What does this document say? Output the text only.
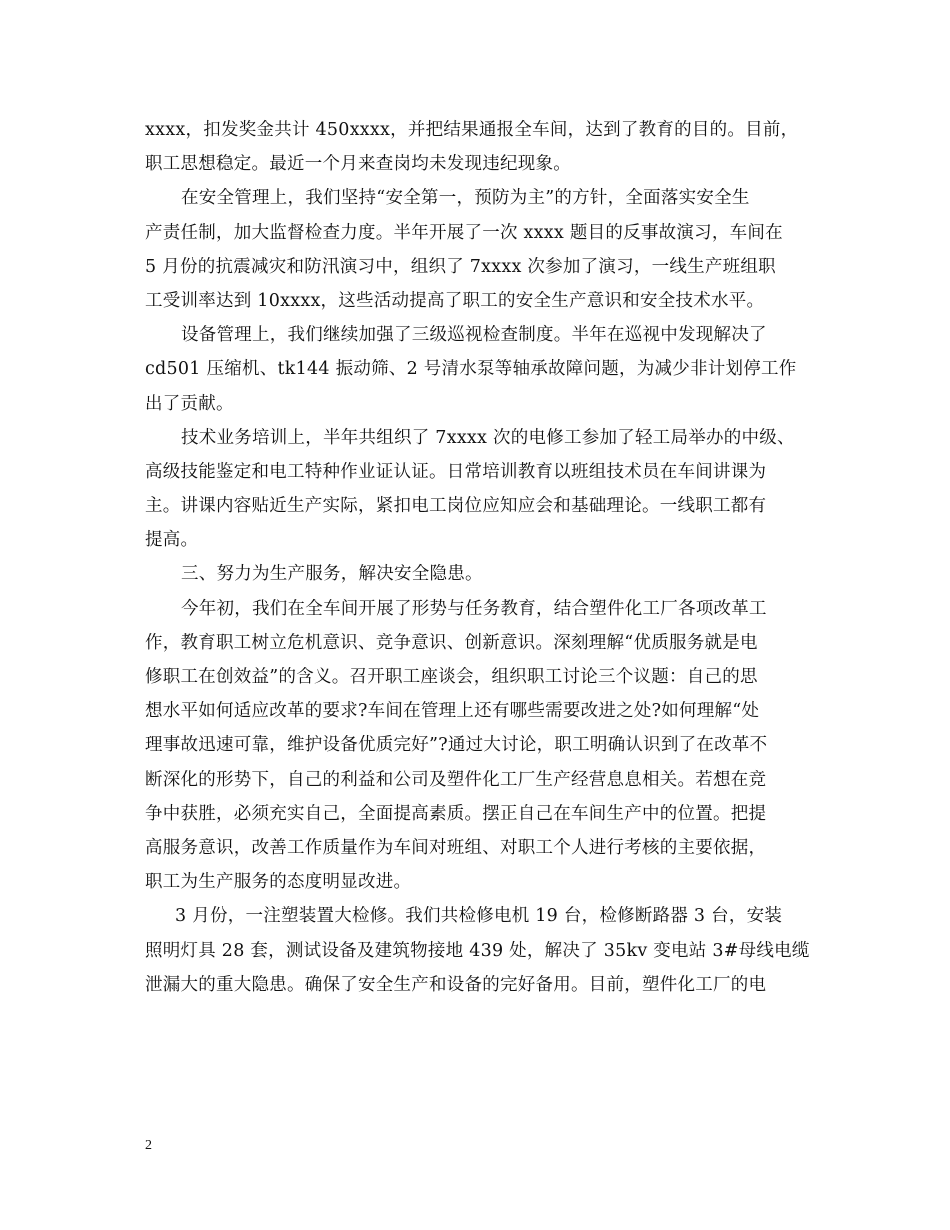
xxxx，扣发奖金共计 450xxxx，并把结果通报全车间，达到了教育的目的。目前，
职工思想稳定。最近一个月来查岗均未发现违纪现象。
在安全管理上，我们坚持“安全第一，预防为主”的方针，全面落实安全生
产责任制，加大监督检查力度。半年开展了一次 xxxx 题目的反事故演习，车间在
5 月份的抗震减灾和防汛演习中，组织了 7xxxx 次参加了演习，一线生产班组职
工受训率达到 10xxxx，这些活动提高了职工的安全生产意识和安全技术水平。
设备管理上，我们继续加强了三级巡视检查制度。半年在巡视中发现解决了
cd501 压缩机、tk144 振动筛、2 号清水泵等轴承故障问题，为减少非计划停工作
出了贡献。
技术业务培训上，半年共组织了 7xxxx 次的电修工参加了轻工局举办的中级、
高级技能鉴定和电工特种作业证认证。日常培训教育以班组技术员在车间讲课为
主。讲课内容贴近生产实际，紧扣电工岗位应知应会和基础理论。一线职工都有
提高。
三、努力为生产服务，解决安全隐患。
今年初，我们在全车间开展了形势与任务教育，结合塑件化工厂各项改革工
作，教育职工树立危机意识、竞争意识、创新意识。深刻理解“优质服务就是电
修职工在创效益”的含义。召开职工座谈会，组织职工讨论三个议题：自己的思
想水平如何适应改革的要求?车间在管理上还有哪些需要改进之处?如何理解“处
理事故迅速可靠，维护设备优质完好”?通过大讨论，职工明确认识到了在改革不
断深化的形势下，自己的利益和公司及塑件化工厂生产经营息息相关。若想在竞
争中获胜，必须充实自己，全面提高素质。摆正自己在车间生产中的位置。把提
高服务意识，改善工作质量作为车间对班组、对职工个人进行考核的主要依据，
职工为生产服务的态度明显改进。
3 月份，一注塑装置大检修。我们共检修电机 19 台，检修断路器 3 台，安装
照明灯具 28 套，测试设备及建筑物接地 439 处，解决了 35kv 变电站 3#母线电缆
泄漏大的重大隐患。确保了安全生产和设备的完好备用。目前，塑件化工厂的电
2
